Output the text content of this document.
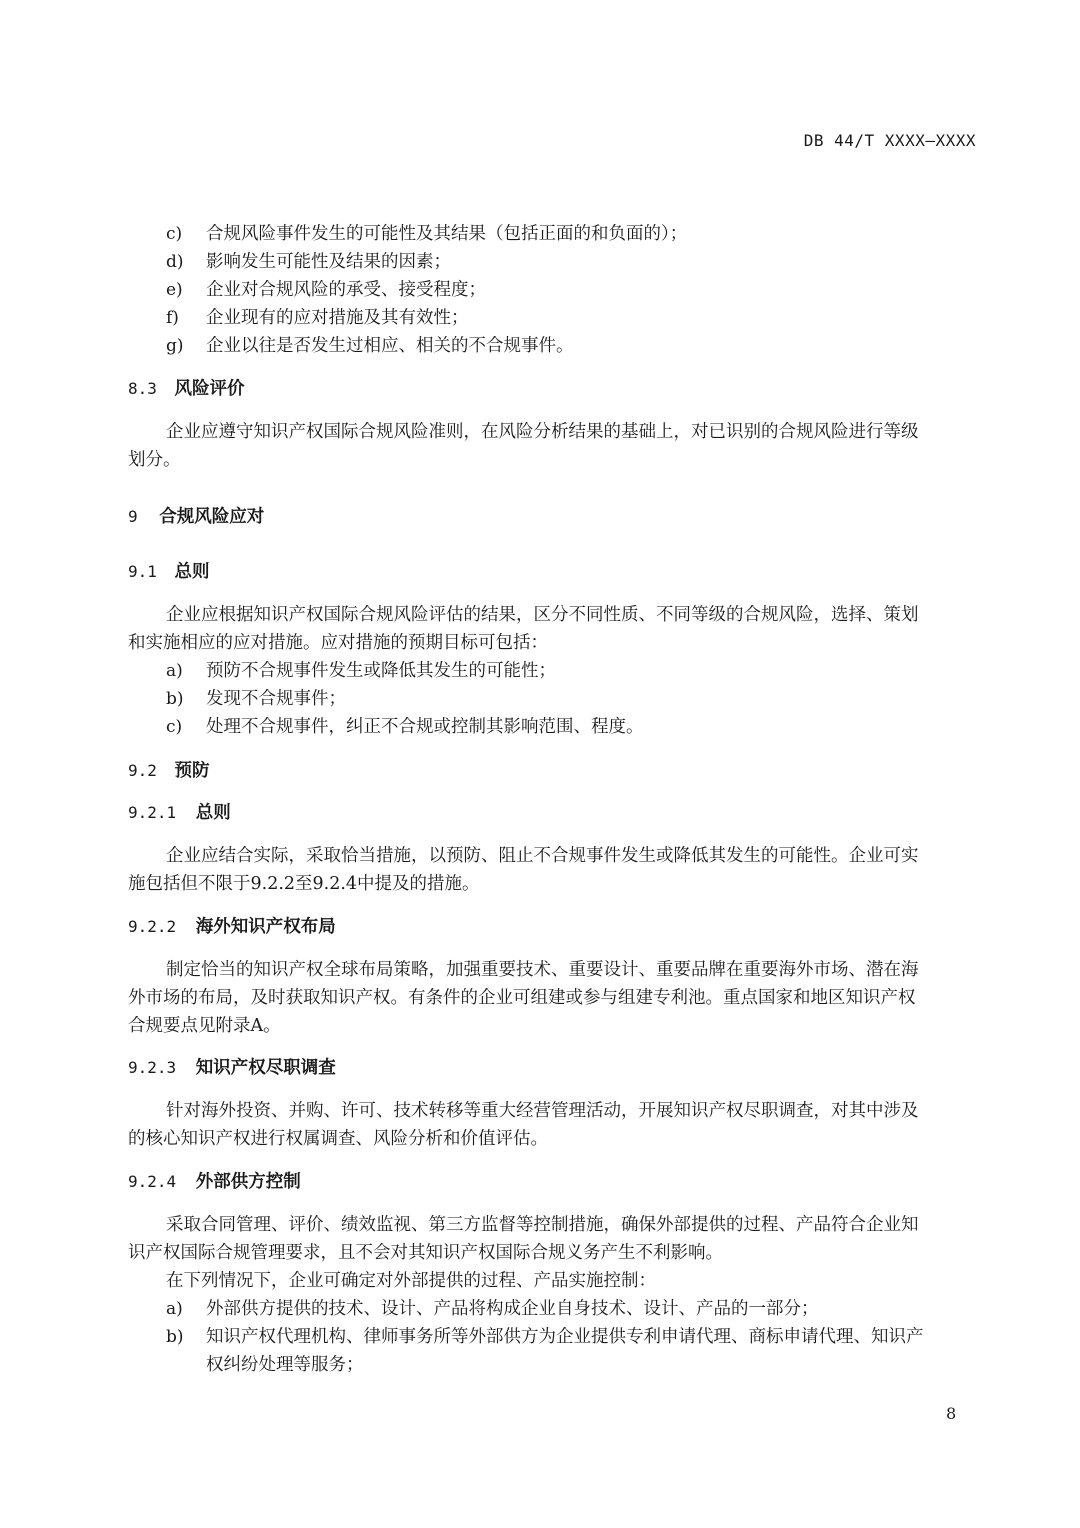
DB 44/T XXXX—XXXX
c) 合规风险事件发生的可能性及其结果（包括正面的和负面的）；
d) 影响发生可能性及结果的因素；
e) 企业对合规风险的承受、接受程度；
f) 企业现有的应对措施及其有效性；
g) 企业以往是否发生过相应、相关的不合规事件。
8.3 风险评价
企业应遵守知识产权国际合规风险准则，在风险分析结果的基础上，对已识别的合规风险进行等级
划分。
9 合规风险应对
9.1 总则
企业应根据知识产权国际合规风险评估的结果，区分不同性质、不同等级的合规风险，选择、策划
和实施相应的应对措施。应对措施的预期目标可包括：
a) 预防不合规事件发生或降低其发生的可能性；
b) 发现不合规事件；
c) 处理不合规事件，纠正不合规或控制其影响范围、程度。
9.2 预防
9.2.1 总则
企业应结合实际，采取恰当措施，以预防、阻止不合规事件发生或降低其发生的可能性。企业可实
施包括但不限于9.2.2至9.2.4中提及的措施。
9.2.2 海外知识产权布局
制定恰当的知识产权全球布局策略，加强重要技术、重要设计、重要品牌在重要海外市场、潜在海
外市场的布局，及时获取知识产权。有条件的企业可组建或参与组建专利池。重点国家和地区知识产权
合规要点见附录A。
9.2.3 知识产权尽职调查
针对海外投资、并购、许可、技术转移等重大经营管理活动，开展知识产权尽职调查，对其中涉及
的核心知识产权进行权属调查、风险分析和价值评估。
9.2.4 外部供方控制
采取合同管理、评价、绩效监视、第三方监督等控制措施，确保外部提供的过程、产品符合企业知
识产权国际合规管理要求，且不会对其知识产权国际合规义务产生不利影响。
在下列情况下，企业可确定对外部提供的过程、产品实施控制：
a) 外部供方提供的技术、设计、产品将构成企业自身技术、设计、产品的一部分；
b) 知识产权代理机构、律师事务所等外部供方为企业提供专利申请代理、商标申请代理、知识产
权纠纷处理等服务；
8
